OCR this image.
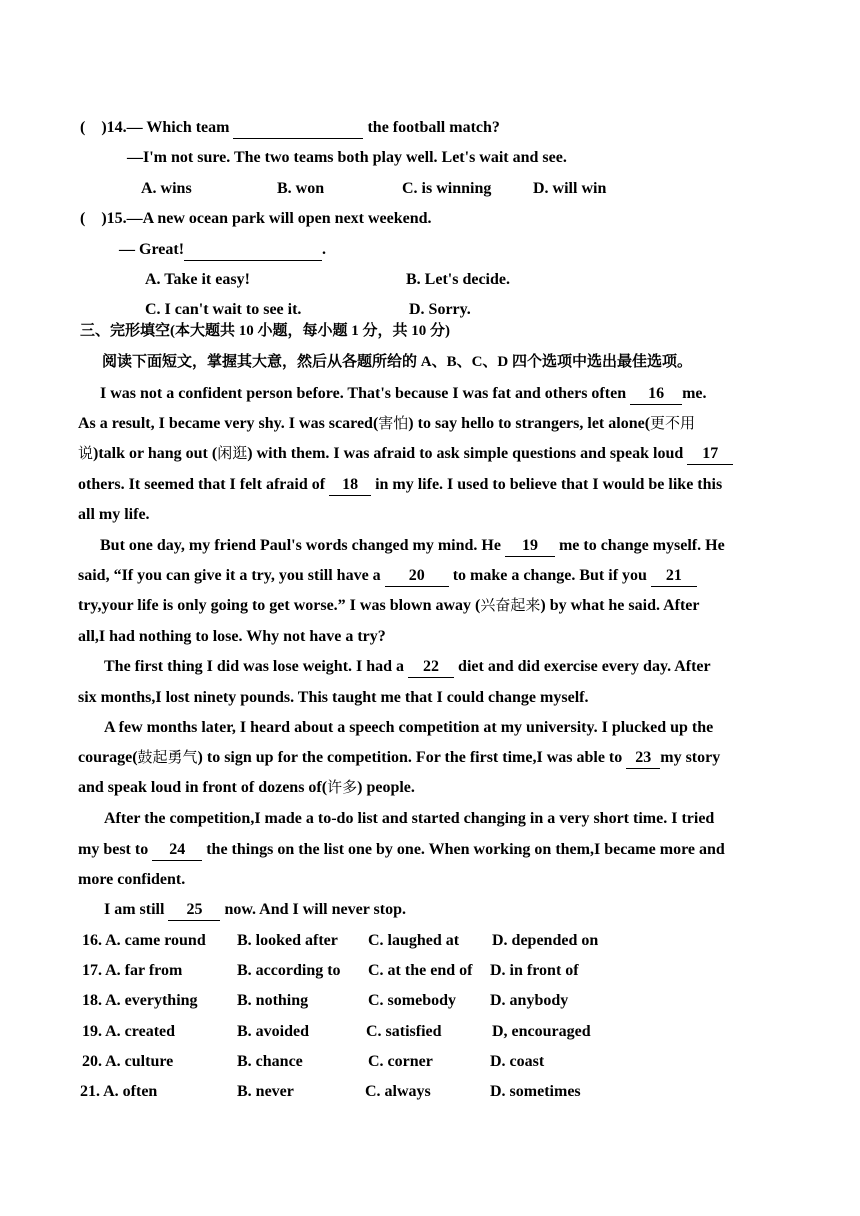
(    )14.— Which team	the football match?
—I'm not sure. The two teams both play well. Let's wait and see.
A. wins	B. won	C. is winning	D. will win
(    )15.—A new ocean park will open next weekend.
— Great!	.
A. Take it easy!	B. Let's decide.
C. I can't wait to see it.	D. Sorry.
三、完形填空(本大题共 10 小题，每小题 1 分，共 10 分)
阅读下面短文，掌握其大意，然后从各题所给的 A、B、C、D 四个选项中选出最佳选项。
I was not a confident person before. That's because I was fat and others often 16 me.
As a result, I became very shy. I was scared(害怕) to say hello to strangers, let alone(更不用
说)talk or hang out (闲逛) with them. I was afraid to ask simple questions and speak loud 17
others. It seemed that I felt afraid of 18 in my life. I used to believe that I would be like this
all my life.
But one day, my friend Paul's words changed my mind. He 19 me to change myself. He
said, “If you can give it a try, you still have a 20 to make a change. But if you 21
try,your life is only going to get worse.” I was blown away (兴奋起来) by what he said. After
all,I had nothing to lose. Why not have a try?
The first thing I did was lose weight. I had a 22 diet and did exercise every day. After
six months,I lost ninety pounds. This taught me that I could change myself.
A few months later, I heard about a speech competition at my university. I plucked up the
courage(鼓起勇气) to sign up for the competition. For the first time,I was able to 23 my story
and speak loud in front of dozens of(许多) people.
After the competition,I made a to-do list and started changing in a very short time. I tried
my best to 24 the things on the list one by one. When working on them,I became more and
more confident.
I am still 25 now. And I will never stop.
16. A. came round B. looked after C. laughed at D. depended on
17. A. far from	B. according to C. at the end of D. in front of
18. A. everything B. nothing	C. somebody D. anybody
19. A. created	B. avoided	C. satisfied	D, encouraged
20. A. culture	B. chance	C. corner	D. coast
21. A. often	B. never	C. always	D. sometimes
